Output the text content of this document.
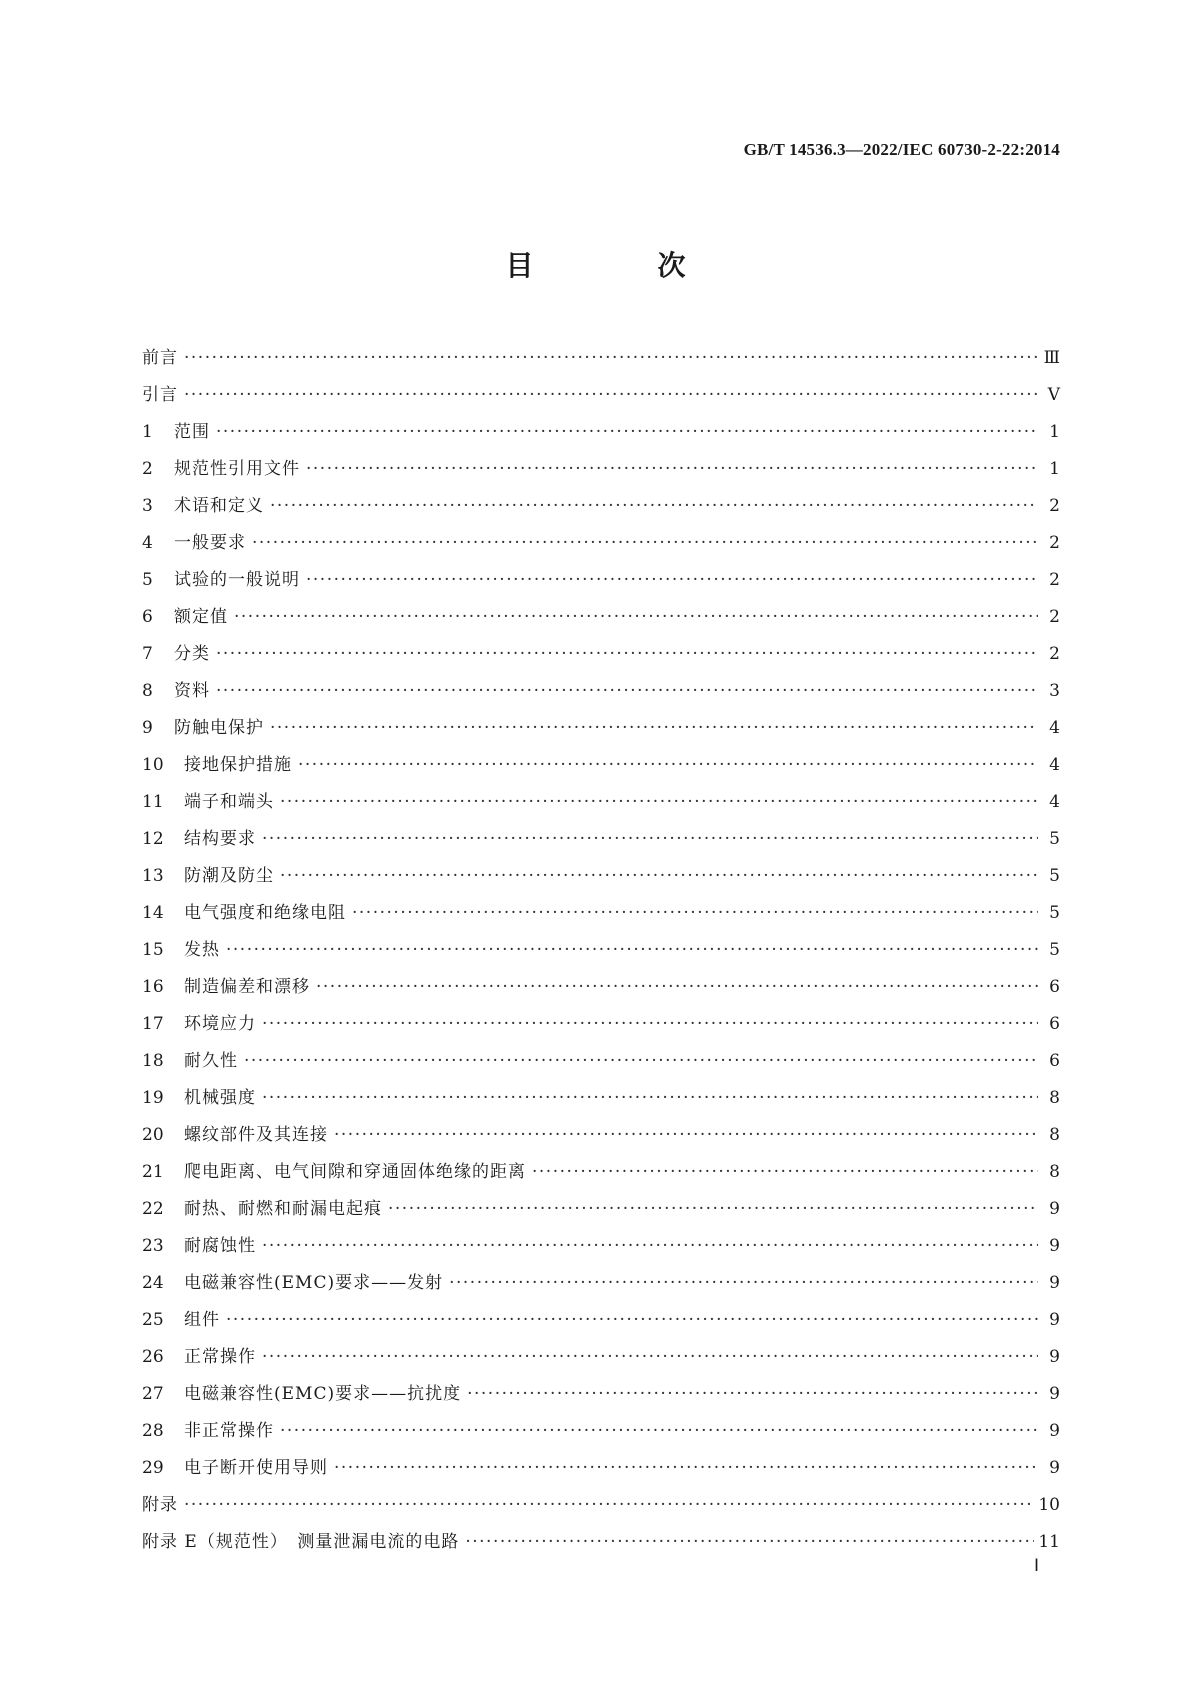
GB/T 14536.3—2022/IEC 60730-2-22:2014
目　次
前言 ·····	Ⅲ
引言 ·····	Ⅴ
1	范围 ·····	1
2	规范性引用文件 ·····	1
3	术语和定义 ·····	2
4	一般要求 ·····	2
5	试验的一般说明 ·····	2
6	额定值 ·····	2
7	分类 ·····	2
8	资料 ·····	3
9	防触电保护 ·····	4
10	接地保护措施 ·····	4
11	端子和端头 ·····	4
12	结构要求 ·····	5
13	防潮及防尘 ·····	5
14	电气强度和绝缘电阻 ·····	5
15	发热 ·····	5
16	制造偏差和漂移 ·····	6
17	环境应力 ·····	6
18	耐久性 ·····	6
19	机械强度 ·····	8
20	螺纹部件及其连接 ·····	8
21	爬电距离、电气间隙和穿通固体绝缘的距离 ·····	8
22	耐热、耐燃和耐漏电起痕 ·····	9
23	耐腐蚀性 ·····	9
24	电磁兼容性(EMC)要求——发射 ·····	9
25	组件 ·····	9
26	正常操作 ·····	9
27	电磁兼容性(EMC)要求——抗扰度 ·····	9
28	非正常操作 ·····	9
29	电子断开使用导则 ·····	9
附录 ·····	10
附录 E（规范性）　测量泄漏电流的电路 ·····	11
Ⅰ
